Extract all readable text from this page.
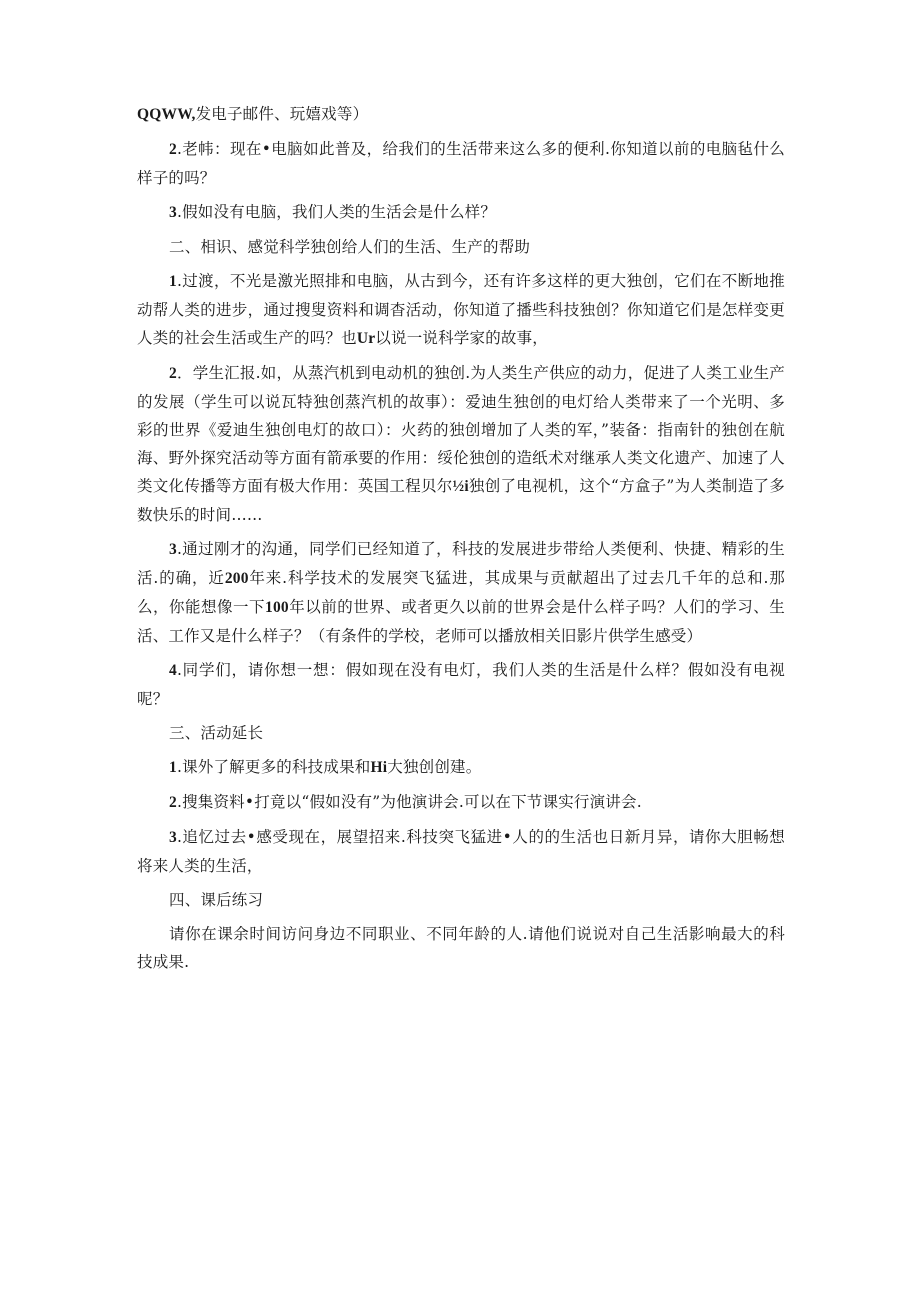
QQWW,发电子邮件、玩嬉戏等）

2.老帏：现在•电脑如此普及，给我们的生活带来这么多的便利.你知道以前的电脑毡什么样子的吗？

3.假如没有电脑，我们人类的生活会是什么样？

二、相识、感觉科学独创给人们的生活、生产的帮助

1.过渡，不光是激光照排和电脑，从古到今，还有许多这样的更大独创，它们在不断地推动帮人类的进步，通过搜叟资料和调杳活动，你知道了播些科技独创？你知道它们是怎样变更人类的社会生活或生产的吗？也Ur以说一说科学家的故事，

2．学生汇报.如，从蒸汽机到电动机的独创.为人类生产供应的动力，促进了人类工业生产的发展（学生可以说瓦特独创蒸汽机的故事）：爱迪生独创的电灯给人类带来了一个光明、多彩的世界《爱迪生独创电灯的故口）：火药的独创增加了人类的军，”装备：指南针的独创在航海、野外探究活动等方面有箭承要的作用：绥伦独创的造纸术对继承人类文化遗产、加速了人类文化传播等方面有极大作用：英国工程贝尔½i独创了电视机，这个“方盒子”为人类制造了多数快乐的时间……

3.通过刚才的沟通，同学们已经知道了，科技的发展进步带给人类便利、快捷、精彩的生活.的确，近200年来.科学技术的发展突飞猛进，其成果与贡献超出了过去几千年的总和.那么，你能想像一下100年以前的世界、或者更久以前的世界会是什么样子吗？人们的学习、生活、工作又是什么样子？（有条件的学校，老师可以播放相关旧影片供学生感受）

4.同学们，请你想一想：假如现在没有电灯，我们人类的生活是什么样？假如没有电视呢？

三、活动延长

1.课外了解更多的科技成果和Hi大独创创建。

2.搜集资料•打竟以“假如没有”为他演讲会.可以在下节课实行演讲会.

3.追忆过去•感受现在，展望招来.科技突飞猛进•人的的生活也日新月异，请你大胆畅想将来人类的生活，

四、课后练习

请你在课余时间访问身边不同职业、不同年龄的人.请他们说说对自己生活影响最大的科技成果.
